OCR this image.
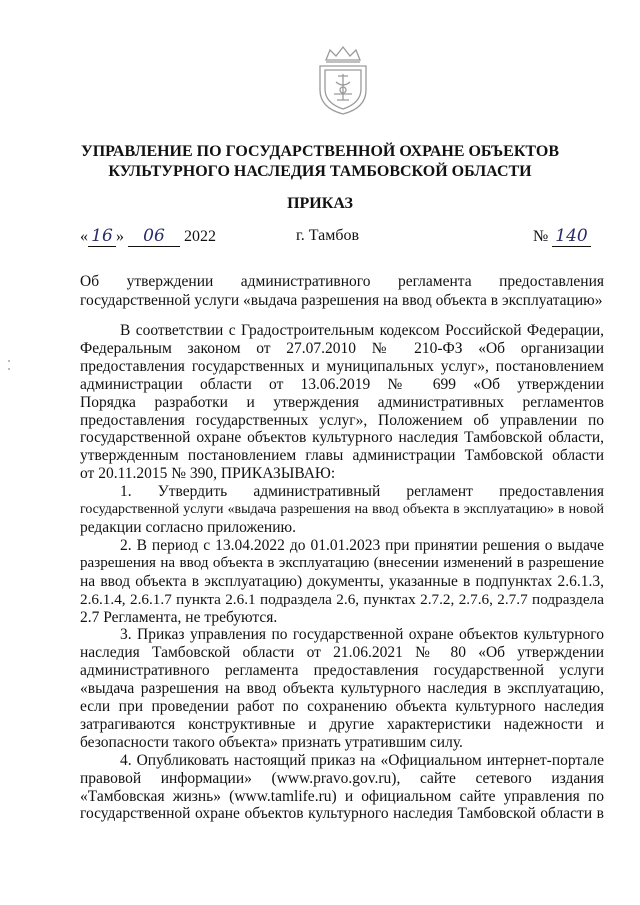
УПРАВЛЕНИЕ ПО ГОСУДАРСТВЕННОЙ ОХРАНЕ ОБЪЕКТОВ
КУЛЬТУРНОГО НАСЛЕДИЯ ТАМБОВСКОЙ ОБЛАСТИ
ПРИКАЗ
« 16 » 06 2022	г. Тамбов	№ 140
Об утверждении административного регламента предоставления
государственной услуги «выдача разрешения на ввод объекта в эксплуатацию»
В соответствии с Градостроительным кодексом Российской Федерации,
Федеральным законом от 27.07.2010 № 210-ФЗ «Об организации
предоставления государственных и муниципальных услуг», постановлением
администрации области от 13.06.2019 № 699 «Об утверждении
Порядка разработки и утверждения административных регламентов
предоставления государственных услуг», Положением об управлении по
государственной охране объектов культурного наследия Тамбовской области,
утвержденным постановлением главы администрации Тамбовской области
от 20.11.2015 № 390, ПРИКАЗЫВАЮ:
1. Утвердить административный регламент предоставления
государственной услуги «выдача разрешения на ввод объекта в эксплуатацию» в новой
редакции согласно приложению.
2. В период с 13.04.2022 до 01.01.2023 при принятии решения о выдаче
разрешения на ввод объекта в эксплуатацию (внесении изменений в разрешение
на ввод объекта в эксплуатацию) документы, указанные в подпунктах 2.6.1.3,
2.6.1.4, 2.6.1.7 пункта 2.6.1 подраздела 2.6, пунктах 2.7.2, 2.7.6, 2.7.7 подраздела
2.7 Регламента, не требуются.
3. Приказ управления по государственной охране объектов культурного
наследия Тамбовской области от 21.06.2021 № 80 «Об утверждении
административного регламента предоставления государственной услуги
«выдача разрешения на ввод объекта культурного наследия в эксплуатацию,
если при проведении работ по сохранению объекта культурного наследия
затрагиваются конструктивные и другие характеристики надежности и
безопасности такого объекта» признать утратившим силу.
4. Опубликовать настоящий приказ на «Официальном интернет-портале
правовой информации» (www.pravo.gov.ru), сайте сетевого издания
«Тамбовская жизнь» (www.tamlife.ru) и официальном сайте управления по
государственной охране объектов культурного наследия Тамбовской области в
